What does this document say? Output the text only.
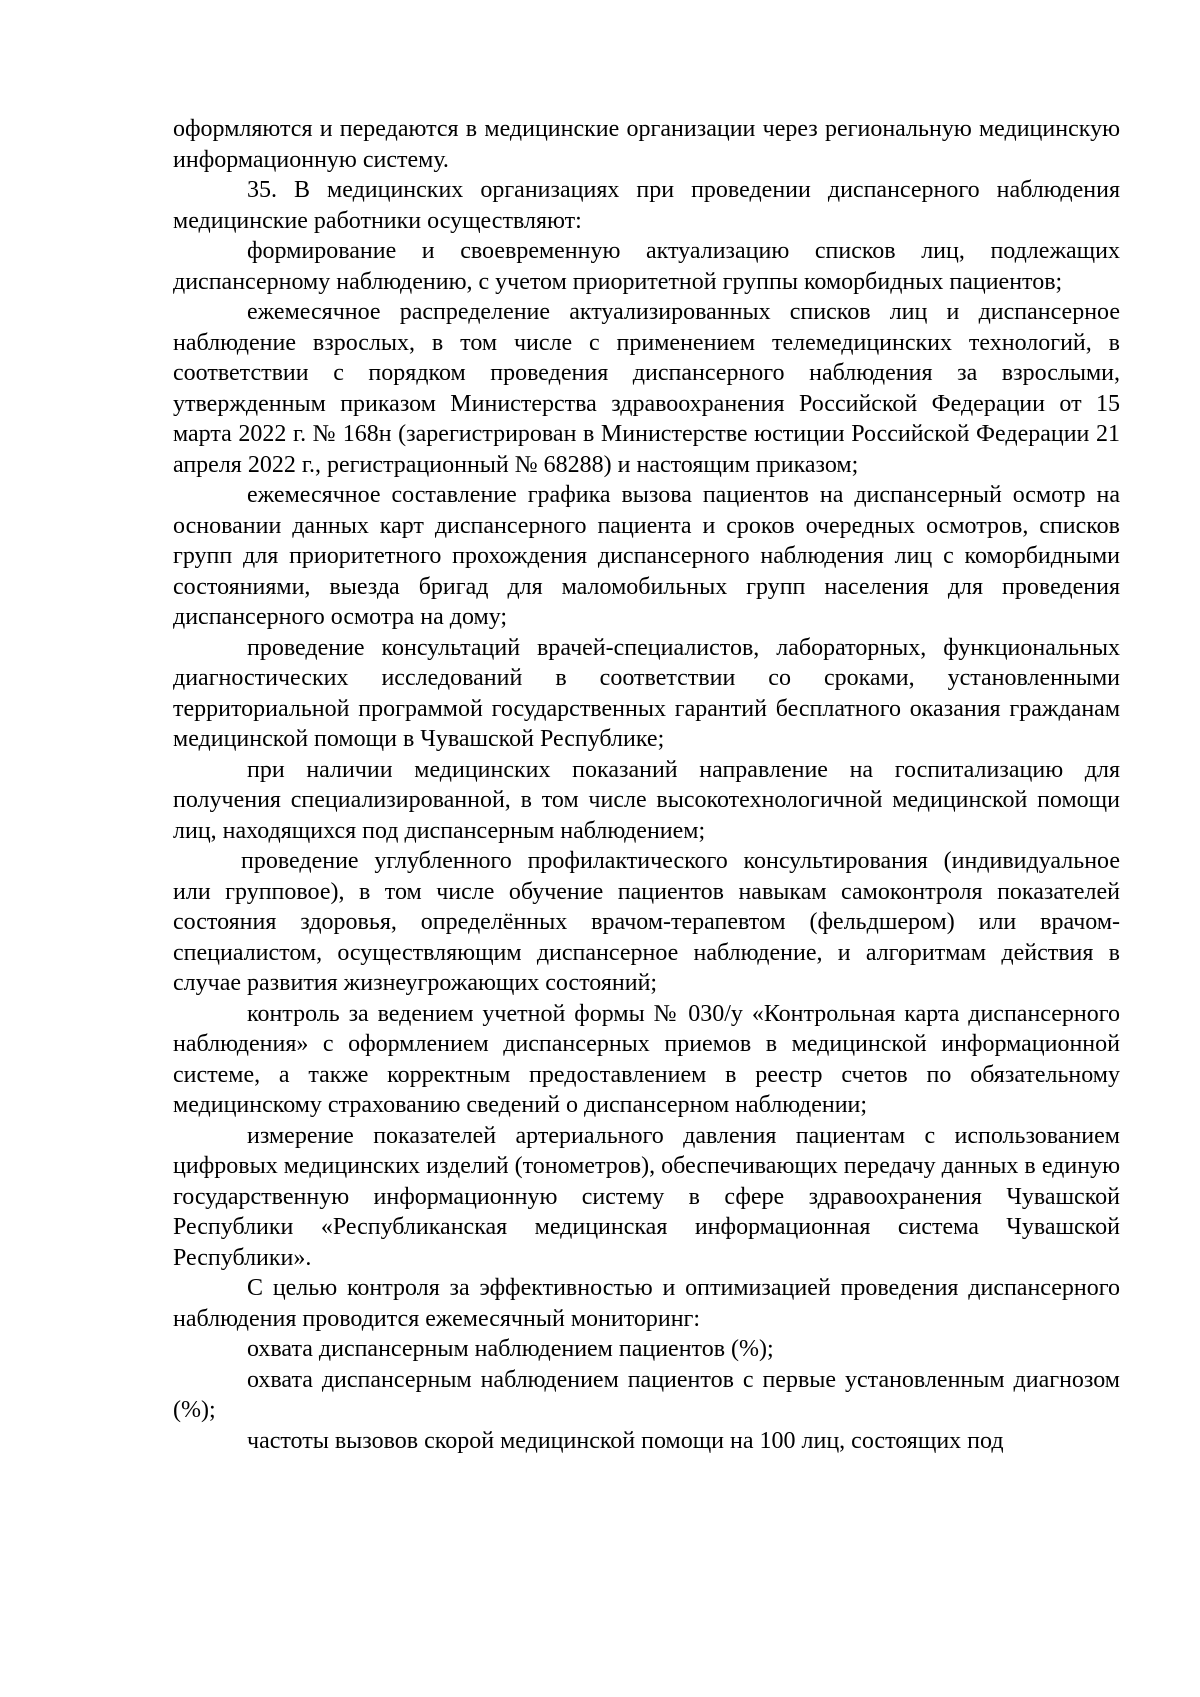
оформляются и передаются в медицинские организации через региональную медицинскую информационную систему.

35. В медицинских организациях при проведении диспансерного наблюдения медицинские работники осуществляют:

формирование и своевременную актуализацию списков лиц, подлежащих диспансерному наблюдению, с учетом приоритетной группы коморбидных пациентов;

ежемесячное распределение актуализированных списков лиц и диспансерное наблюдение взрослых, в том числе с применением телемедицинских технологий, в соответствии с порядком проведения диспансерного наблюдения за взрослыми, утвержденным приказом Министерства здравоохранения Российской Федерации от 15 марта 2022 г. № 168н (зарегистрирован в Министерстве юстиции Российской Федерации 21 апреля 2022 г., регистрационный № 68288) и настоящим приказом;

ежемесячное составление графика вызова пациентов на диспансерный осмотр на основании данных карт диспансерного пациента и сроков очередных осмотров, списков групп для приоритетного прохождения диспансерного наблюдения лиц с коморбидными состояниями, выезда бригад для маломобильных групп населения для проведения диспансерного осмотра на дому;

проведение консультаций врачей-специалистов, лабораторных, функциональных диагностических исследований в соответствии со сроками, установленными территориальной программой государственных гарантий бесплатного оказания гражданам медицинской помощи в Чувашской Республике;

при наличии медицинских показаний направление на госпитализацию для получения специализированной, в том числе высокотехнологичной медицинской помощи лиц, находящихся под диспансерным наблюдением;

проведение углубленного профилактического консультирования (индивидуальное или групповое), в том числе обучение пациентов навыкам самоконтроля показателей состояния здоровья, определённых врачом-терапевтом (фельдшером) или врачом-специалистом, осуществляющим диспансерное наблюдение, и алгоритмам действия в случае развития жизнеугрожающих состояний;

контроль за ведением учетной формы № 030/у «Контрольная карта диспансерного наблюдения» с оформлением диспансерных приемов в медицинской информационной системе, а также корректным предоставлением в реестр счетов по обязательному медицинскому страхованию сведений о диспансерном наблюдении;

измерение показателей артериального давления пациентам с использованием цифровых медицинских изделий (тонометров), обеспечивающих передачу данных в единую государственную информационную систему в сфере здравоохранения Чувашской Республики «Республиканская медицинская информационная система Чувашской Республики».

С целью контроля за эффективностью и оптимизацией проведения диспансерного наблюдения проводится ежемесячный мониторинг:

охвата диспансерным наблюдением пациентов (%);

охвата диспансерным наблюдением пациентов с первые установленным диагнозом (%);

частоты вызовов скорой медицинской помощи на 100 лиц, состоящих под
